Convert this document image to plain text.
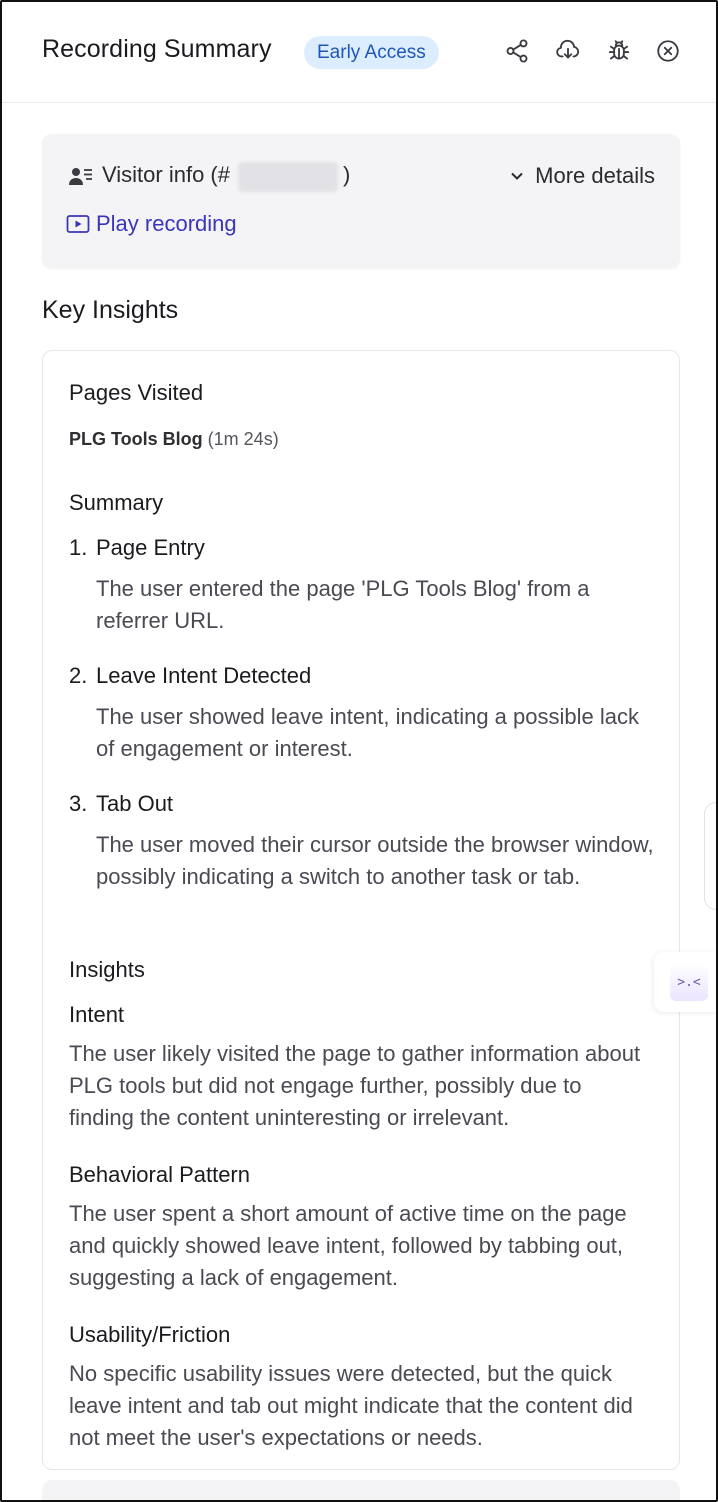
Recording Summary	Early Access
Visitor info (#	)	More details
Play recording
Key Insights
Pages Visited
PLG Tools Blog (1m 24s)
Summary
1. Page Entry
The user entered the page 'PLG Tools Blog' from a referrer URL.
2. Leave Intent Detected
The user showed leave intent, indicating a possible lack of engagement or interest.
3. Tab Out
The user moved their cursor outside the browser window, possibly indicating a switch to another task or tab.
Insights
Intent
The user likely visited the page to gather information about PLG tools but did not engage further, possibly due to finding the content uninteresting or irrelevant.
Behavioral Pattern
The user spent a short amount of active time on the page and quickly showed leave intent, followed by tabbing out, suggesting a lack of engagement.
Usability/Friction
No specific usability issues were detected, but the quick leave intent and tab out might indicate that the content did not meet the user's expectations or needs.
>.<
